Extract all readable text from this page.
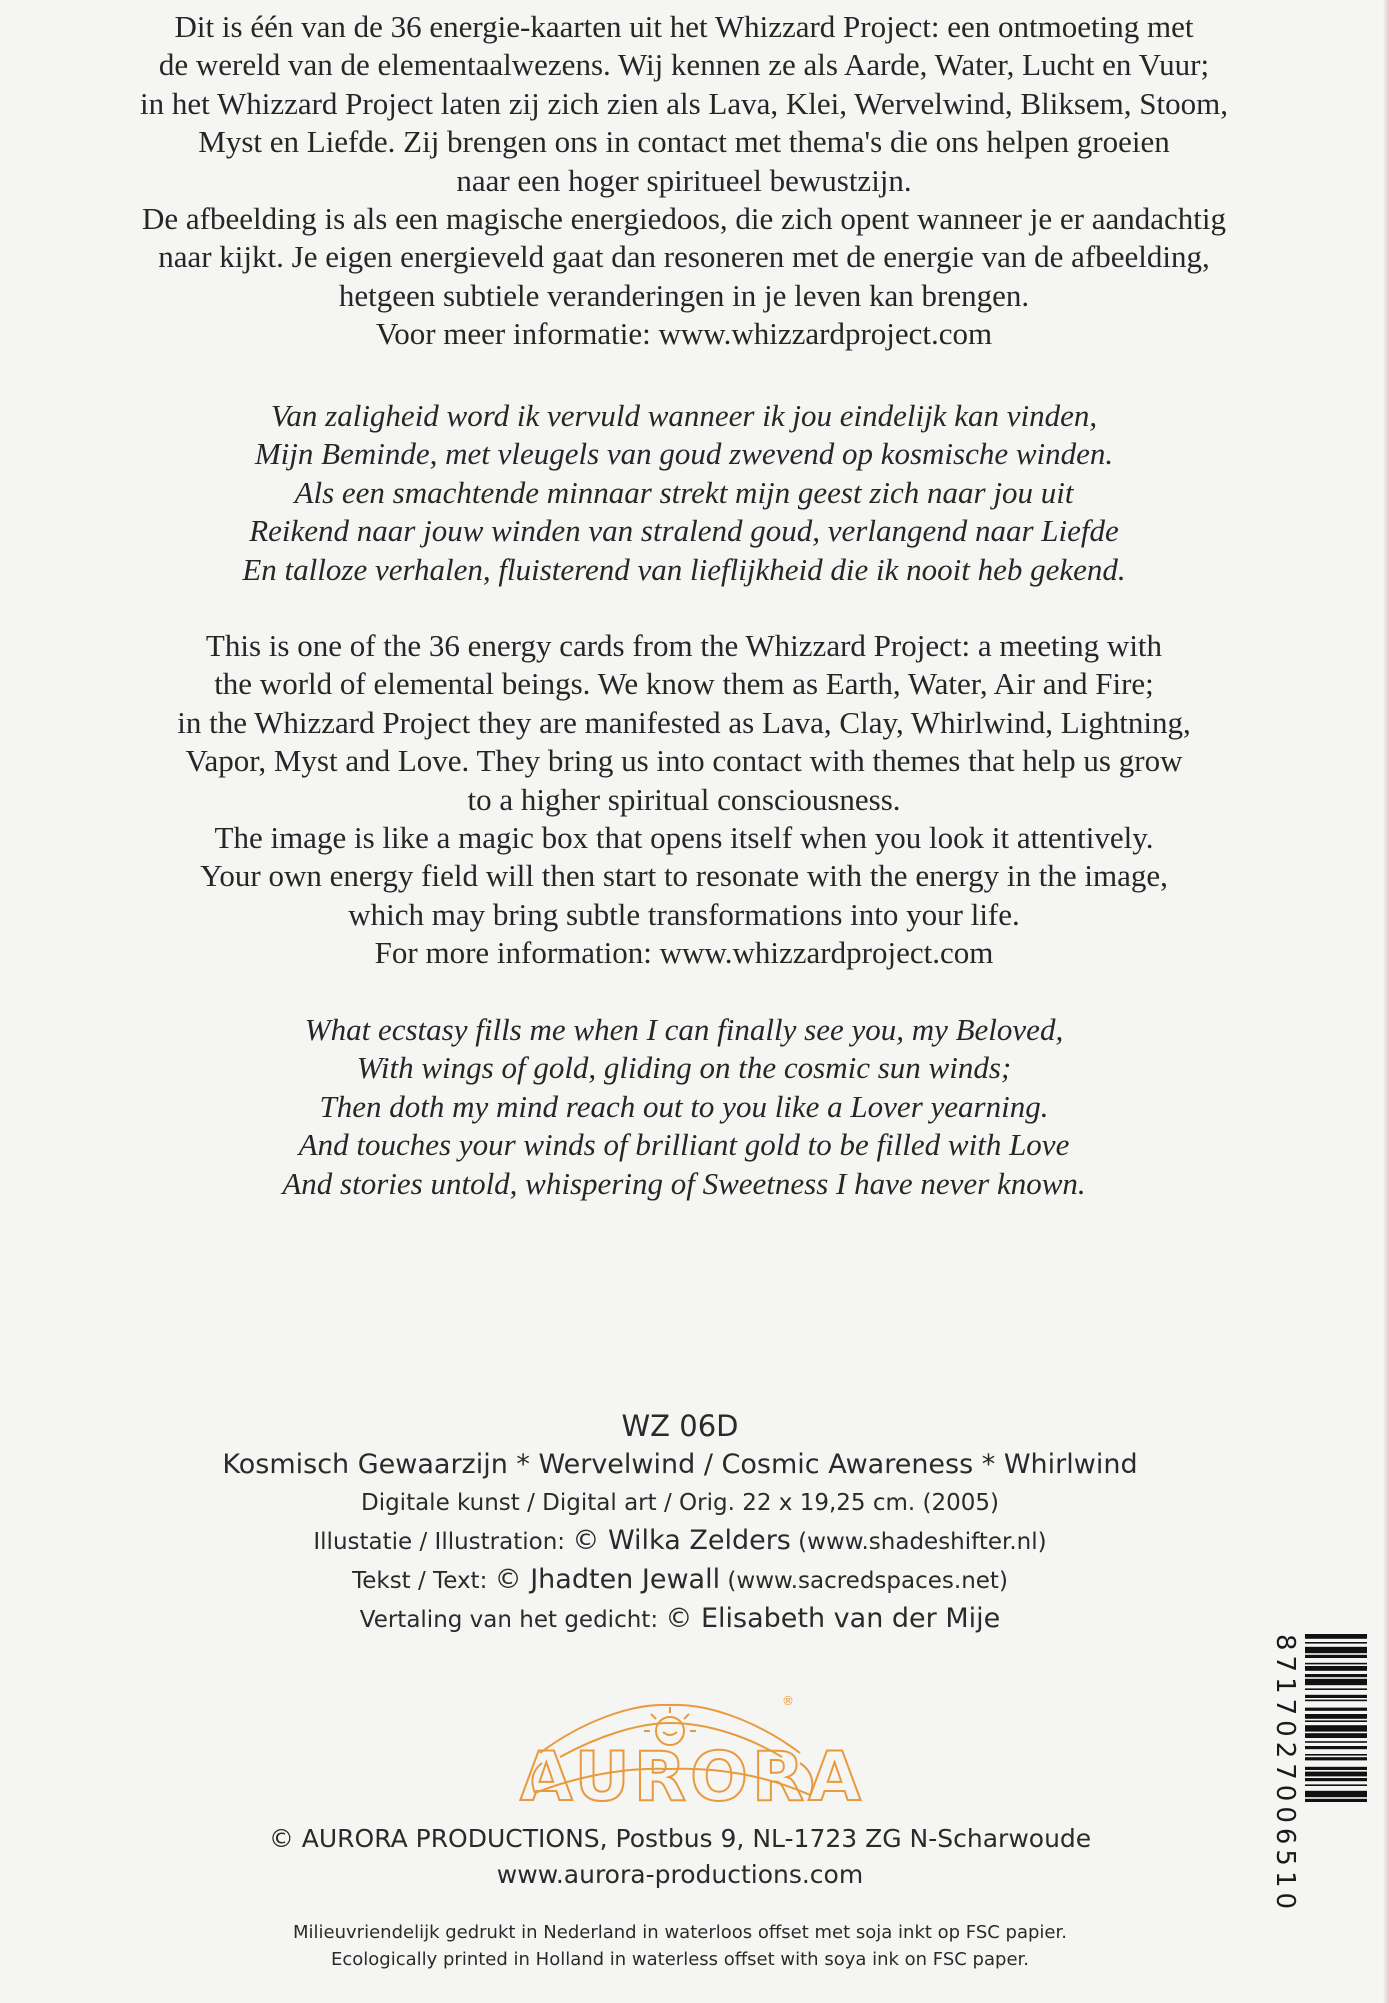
Dit is één van de 36 energie-kaarten uit het Whizzard Project: een ontmoeting met
de wereld van de elementaalwezens. Wij kennen ze als Aarde, Water, Lucht en Vuur;
in het Whizzard Project laten zij zich zien als Lava, Klei, Wervelwind, Bliksem, Stoom,
Myst en Liefde. Zij brengen ons in contact met thema's die ons helpen groeien
naar een hoger spiritueel bewustzijn.
De afbeelding is als een magische energiedoos, die zich opent wanneer je er aandachtig
naar kijkt. Je eigen energieveld gaat dan resoneren met de energie van de afbeelding,
hetgeen subtiele veranderingen in je leven kan brengen.
Voor meer informatie: www.whizzardproject.com
Van zaligheid word ik vervuld wanneer ik jou eindelijk kan vinden,
Mijn Beminde, met vleugels van goud zwevend op kosmische winden.
Als een smachtende minnaar strekt mijn geest zich naar jou uit
Reikend naar jouw winden van stralend goud, verlangend naar Liefde
En talloze verhalen, fluisterend van lieflijkheid die ik nooit heb gekend.
This is one of the 36 energy cards from the Whizzard Project: a meeting with
the world of elemental beings. We know them as Earth, Water, Air and Fire;
in the Whizzard Project they are manifested as Lava, Clay, Whirlwind, Lightning,
Vapor, Myst and Love. They bring us into contact with themes that help us grow
to a higher spiritual consciousness.
The image is like a magic box that opens itself when you look it attentively.
Your own energy field will then start to resonate with the energy in the image,
which may bring subtle transformations into your life.
For more information: www.whizzardproject.com
What ecstasy fills me when I can finally see you, my Beloved,
With wings of gold, gliding on the cosmic sun winds;
Then doth my mind reach out to you like a Lover yearning.
And touches your winds of brilliant gold to be filled with Love
And stories untold, whispering of Sweetness I have never known.
WZ 06D
Kosmisch Gewaarzijn * Wervelwind / Cosmic Awareness * Whirlwind
Digitale kunst / Digital art / Orig. 22 x 19,25 cm. (2005)
Illustatie / Illustration: © Wilka Zelders (www.shadeshifter.nl)
Tekst / Text: © Jhadten Jewall (www.sacredspaces.net)
Vertaling van het gedicht: © Elisabeth van der Mije
®
AURORA
© AURORA PRODUCTIONS, Postbus 9, NL-1723 ZG N-Scharwoude
www.aurora-productions.com
Milieuvriendelijk gedrukt in Nederland in waterloos offset met soja inkt op FSC papier.
Ecologically printed in Holland in waterless offset with soya ink on FSC paper.
8717027006510
